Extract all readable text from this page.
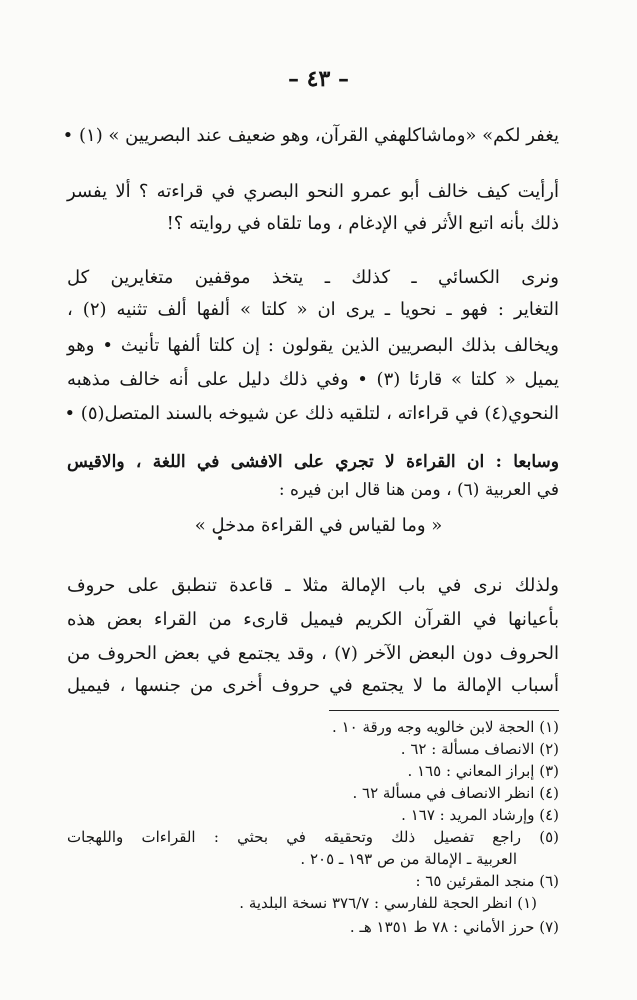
– ٤٣ –
يغفر لكم» «وماشاكلهفي القرآن، وهو ضعيف عند البصريين » (١) •
أرأيت كيف خالف أبو عمرو النحو البصري في قراءته ؟ ألا يفسر
ذلك بأنه اتبع الأثر في الإدغام ، وما تلقاه في روايته ؟!
ونرى الكسائي ـ كذلك ـ يتخذ موقفين متغايرين كل
التغاير : فهو ـ نحويا ـ يرى ان « كلتا » ألفها ألف تثنيه (٢) ،
ويخالف بذلك البصريين الذين يقولون : إن كلتا ألفها تأنيث • وهو
يميل « كلتا » قارئا (٣) • وفي ذلك دليل على أنه خالف مذهبه
النحوي(٤) في قراءاته ، لتلقيه ذلك عن شيوخه بالسند المتصل(٥) •
وسابعا : ان القراءة لا تجري على الافشى في اللغة ، والاقيس
في العربية (٦) ، ومن هنا قال ابن فيره :
« وما لقياس في القراءة مدخل »
ولذلك نرى في باب الإمالة مثلا ـ قاعدة تنطبق على حروف
بأعيانها في القرآن الكريم فيميل قارىء من القراء بعض هذه
الحروف دون البعض الآخر (٧) ، وقد يجتمع في بعض الحروف من
أسباب الإمالة ما لا يجتمع في حروف أخرى من جنسها ، فيميل
(١) الحجة لابن خالويه وجه ورقة ١٠ .
(٢) الانصاف مسألة : ٦٢ .
(٣) إبراز المعاني : ١٦٥ .
(٤) انظر الانصاف في مسألة ٦٢ .
(٤) وإرشاد المريد : ١٦٧ .
(٥) راجع تفصيل ذلك وتحقيقه في بحثي : القراءات واللهجات
العربية ـ الإمالة من ص ١٩٣ ـ ٢٠٥ .
(٦) منجد المقرئين ٦٥ :
(١) انظر الحجة للفارسي : ٣٧٦/٧ نسخة البلدية .
(٧) حرز الأماني : ٧٨ ط ١٣٥١ هـ .
